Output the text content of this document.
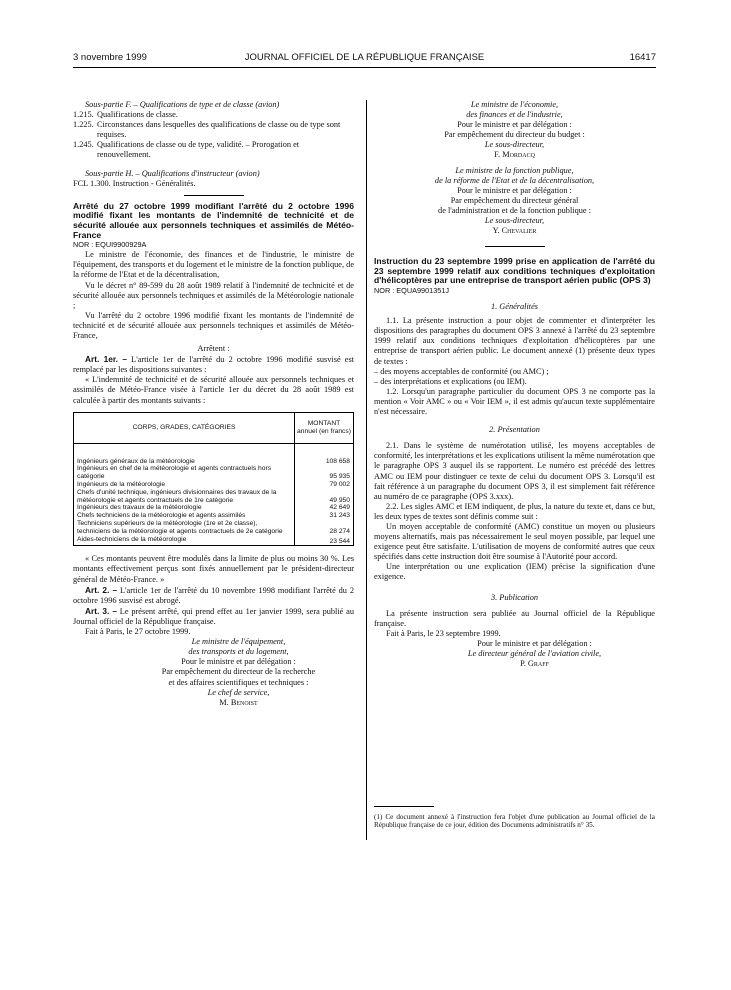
3 novembre 1999	JOURNAL OFFICIEL DE LA RÉPUBLIQUE FRANÇAISE	16417

Sous-partie F. – Qualifications de type et de classe (avion)

1.215. Qualifications de classe.
1.225. Circonstances dans lesquelles des qualifications de classe ou de type sont requises.
1.245. Qualifications de classe ou de type, validité. – Prorogation et renouvellement.

Sous-partie H. – Qualifications d'instructeur (avion)

FCL 1.300. Instruction - Généralités.

Arrêté du 27 octobre 1999 modifiant l'arrêté du 2 octobre 1996 modifié fixant les montants de l'indemnité de technicité et de sécurité allouée aux personnels techniques et assimilés de Météo-France

NOR : EQUI9900929A

Le ministre de l'économie, des finances et de l'industrie, le ministre de l'équipement, des transports et du logement et le ministre de la fonction publique, de la réforme de l'Etat et de la décentralisation,

Vu le décret n° 89-599 du 28 août 1989 relatif à l'indemnité de technicité et de sécurité allouée aux personnels techniques et assimilés de la Météorologie nationale ;

Vu l'arrêté du 2 octobre 1996 modifié fixant les montants de l'indemnité de technicité et de sécurité allouée aux personnels techniques et assimilés de Météo-France,

Arrêtent :

Art. 1er. – L'article 1er de l'arrêté du 2 octobre 1996 modifié susvisé est remplacé par les dispositions suivantes :

« L'indemnité de technicité et de sécurité allouée aux personnels techniques et assimilés de Météo-France visée à l'article 1er du décret du 28 août 1989 est calculée à partir des montants suivants :

CORPS, GRADES, CATÉGORIES	MONTANT annuel (en francs)
Ingénieurs généraux de la météorologie	108 658
Ingénieurs en chef de la météorologie et agents contractuels hors catégorie	95 935
Ingénieurs de la météorologie	79 002
Chefs d'unité technique, ingénieurs divisionnaires des travaux de la météorologie et agents contractuels de 1re catégorie	49 950
Ingénieurs des travaux de la météorologie	42 649
Chefs techniciens de la météorologie et agents assimilés	31 243
Techniciens supérieurs de la météorologie (1re et 2e classe), techniciens de la météorologie et agents contractuels de 2e catégorie	28 274
Aides-techniciens de la météorologie	23 544

« Ces montants peuvent être modulés dans la limite de plus ou moins 30 %. Les montants effectivement perçus sont fixés annuellement par le président-directeur général de Météo-France. »

Art. 2. – L'article 1er de l'arrêté du 10 novembre 1998 modifiant l'arrêté du 2 octobre 1996 susvisé est abrogé.

Art. 3. – Le présent arrêté, qui prend effet au 1er janvier 1999, sera publié au Journal officiel de la République française.

Fait à Paris, le 27 octobre 1999.

Le ministre de l'équipement,

des transports et du logement,

Pour le ministre et par délégation :

Par empêchement du directeur de la recherche

et des affaires scientifiques et techniques :

Le chef de service,

M. Benoist

Le ministre de l'économie,

des finances et de l'industrie,

Pour le ministre et par délégation :

Par empêchement du directeur du budget :

Le sous-directeur,

F. Mordacq

Le ministre de la fonction publique,

de la réforme de l'Etat et de la décentralisation,

Pour le ministre et par délégation :

Par empêchement du directeur général

de l'administration et de la fonction publique :

Le sous-directeur,

Y. Chevalier

Instruction du 23 septembre 1999 prise en application de l'arrêté du 23 septembre 1999 relatif aux conditions techniques d'exploitation d'hélicoptères par une entreprise de transport aérien public (OPS 3)

NOR : EQUA9901351J

1. Généralités

1.1. La présente instruction a pour objet de commenter et d'interpréter les dispositions des paragraphes du document OPS 3 annexé à l'arrêté du 23 septembre 1999 relatif aux conditions techniques d'exploitation d'hélicoptères par une entreprise de transport aérien public. Le document annexé (1) présente deux types de textes :

– des moyens acceptables de conformité (ou AMC) ;

– des interprétations et explications (ou IEM).

1.2. Lorsqu'un paragraphe particulier du document OPS 3 ne comporte pas la mention « Voir AMC » ou « Voir IEM », il est admis qu'aucun texte supplémentaire n'est nécessaire.

2. Présentation

2.1. Dans le système de numérotation utilisé, les moyens acceptables de conformité, les interprétations et les explications utilisent la même numérotation que le paragraphe OPS 3 auquel ils se rapportent. Le numéro est précédé des lettres AMC ou IEM pour distinguer ce texte de celui du document OPS 3. Lorsqu'il est fait référence à un paragraphe du document OPS 3, il est simplement fait référence au numéro de ce paragraphe (OPS 3.xxx).

2.2. Les sigles AMC et IEM indiquent, de plus, la nature du texte et, dans ce but, les deux types de textes sont définis comme suit :

Un moyen acceptable de conformité (AMC) constitue un moyen ou plusieurs moyens alternatifs, mais pas nécessairement le seul moyen possible, par lequel une exigence peut être satisfaite. L'utilisation de moyens de conformité autres que ceux spécifiés dans cette instruction doit être soumise à l'Autorité pour accord.

Une interprétation ou une explication (IEM) précise la signification d'une exigence.

3. Publication

La présente instruction sera publiée au Journal officiel de la République française.

Fait à Paris, le 23 septembre 1999.

Pour le ministre et par délégation :

Le directeur général de l'aviation civile,

P. Graff

(1) Ce document annexé à l'instruction fera l'objet d'une publication au Journal officiel de la République française de ce jour, édition des Documents administratifs n° 35.
